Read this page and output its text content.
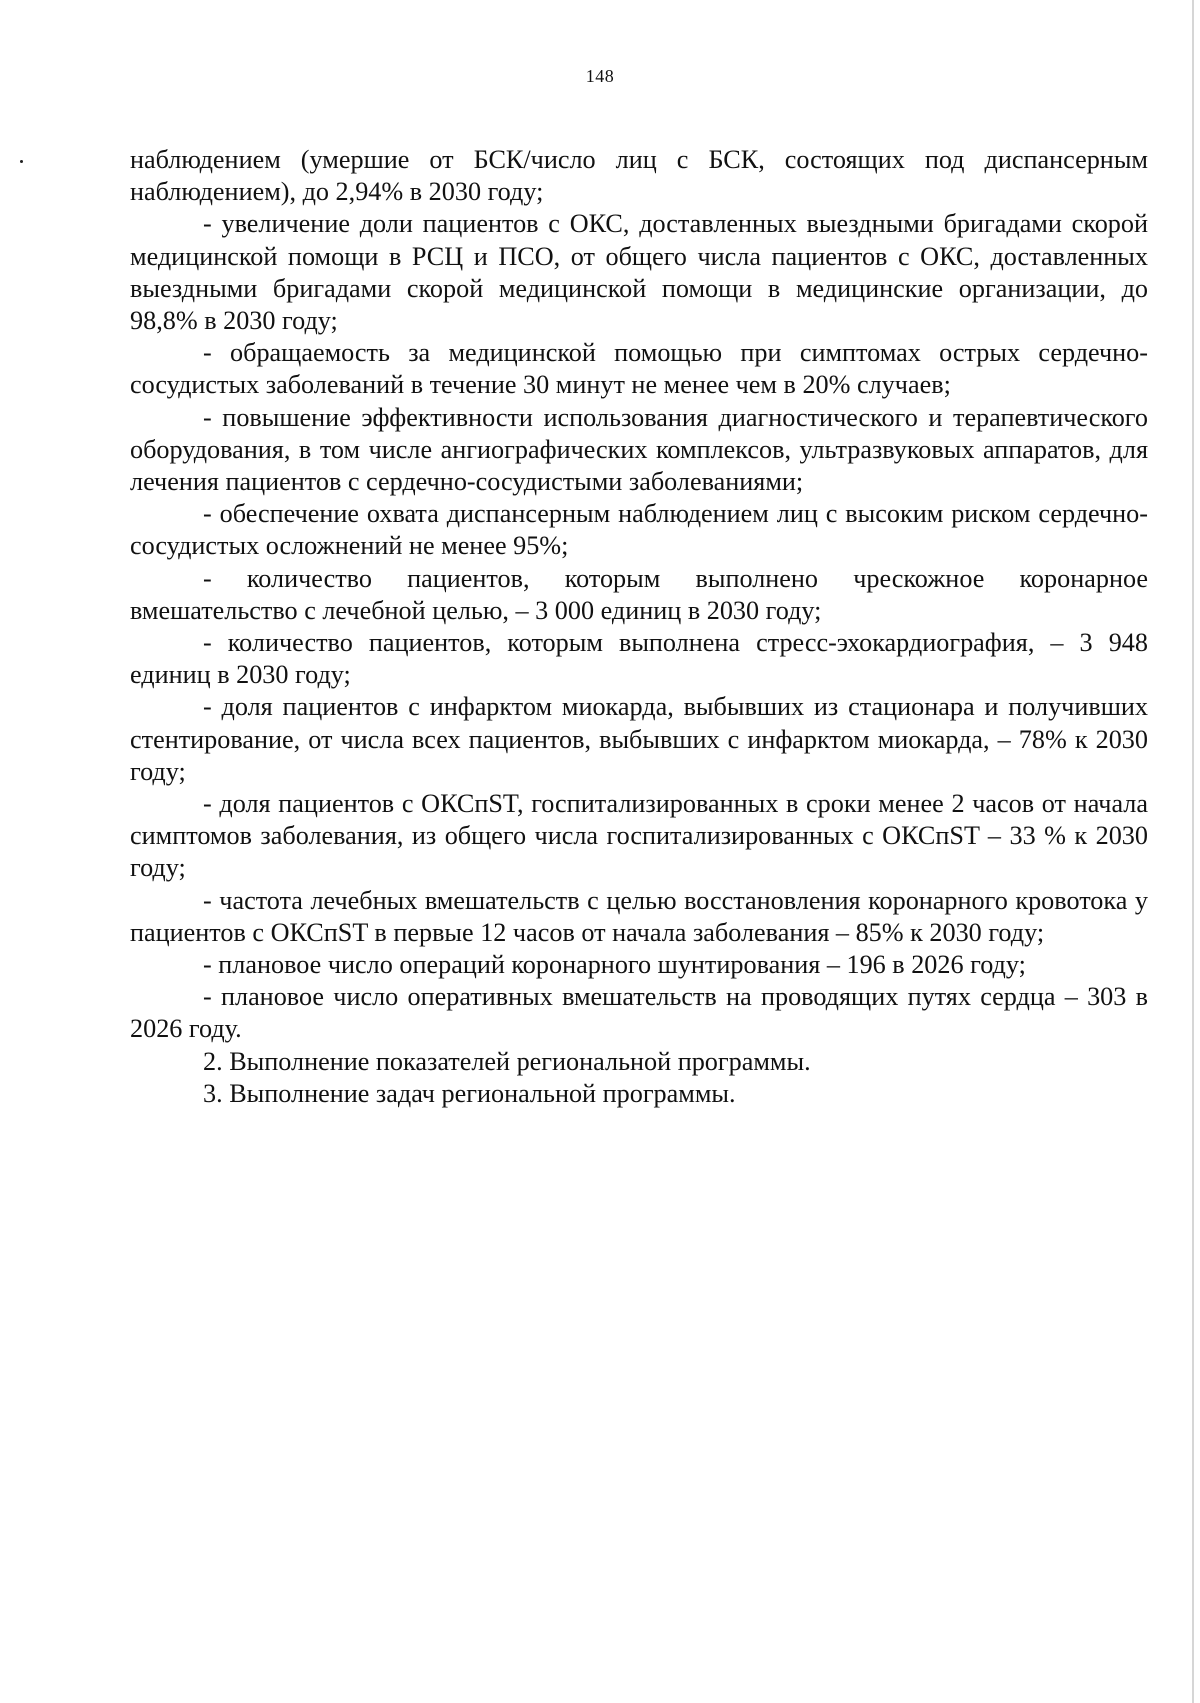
148

наблюдением (умершие от БСК/число лиц с БСК, состоящих под диспансерным наблюдением), до 2,94% в 2030 году;

- увеличение доли пациентов с ОКС, доставленных выездными бригадами скорой медицинской помощи в РСЦ и ПСО, от общего числа пациентов с ОКС, доставленных выездными бригадами скорой медицинской помощи в медицинские организации, до 98,8% в 2030 году;

- обращаемость за медицинской помощью при симптомах острых сердечно-сосудистых заболеваний в течение 30 минут не менее чем в 20% случаев;

- повышение эффективности использования диагностического и терапевтического оборудования, в том числе ангиографических комплексов, ультразвуковых аппаратов, для лечения пациентов с сердечно-сосудистыми заболеваниями;

- обеспечение охвата диспансерным наблюдением лиц с высоким риском сердечно-сосудистых осложнений не менее 95%;

- количество пациентов, которым выполнено чрескожное коронарное вмешательство с лечебной целью, – 3 000 единиц в 2030 году;

- количество пациентов, которым выполнена стресс-эхокардиография, – 3 948 единиц в 2030 году;

- доля пациентов с инфарктом миокарда, выбывших из стационара и получивших стентирование, от числа всех пациентов, выбывших с инфарктом миокарда, – 78% к 2030 году;

- доля пациентов с ОКСпST, госпитализированных в сроки менее 2 часов от начала симптомов заболевания, из общего числа госпитализированных с ОКСпST – 33 % к 2030 году;

- частота лечебных вмешательств с целью восстановления коронарного кровотока у пациентов с ОКСпST в первые 12 часов от начала заболевания – 85% к 2030 году;

- плановое число операций коронарного шунтирования – 196 в 2026 году;

- плановое число оперативных вмешательств на проводящих путях сердца – 303 в 2026 году.

2. Выполнение показателей региональной программы.

3. Выполнение задач региональной программы.
